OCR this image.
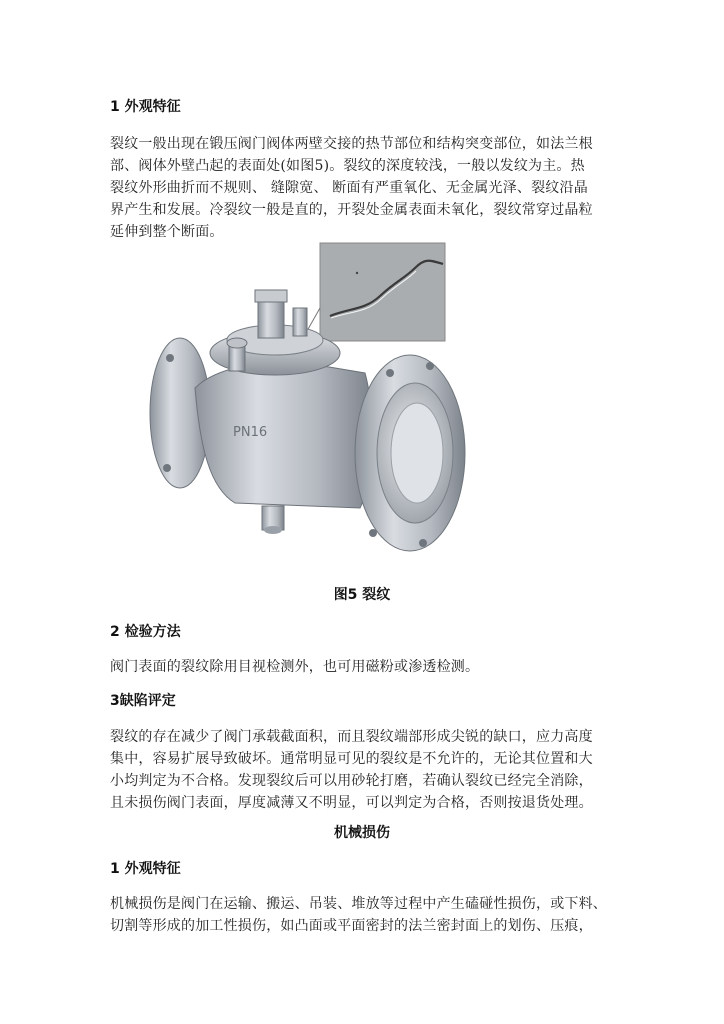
1 外观特征
裂纹一般出现在锻压阀门阀体两壁交接的热节部位和结构突变部位，如法兰根
部、阀体外壁凸起的表面处(如图5)。裂纹的深度较浅，一般以发纹为主。热
裂纹外形曲折而不规则、 缝隙宽、 断面有严重氧化、无金属光泽、裂纹沿晶
界产生和发展。冷裂纹一般是直的，开裂处金属表面未氧化，裂纹常穿过晶粒
延伸到整个断面。
PN16
图5 裂纹
2 检验方法
阀门表面的裂纹除用目视检测外，也可用磁粉或渗透检测。
3缺陷评定
裂纹的存在减少了阀门承载截面积，而且裂纹端部形成尖锐的缺口，应力高度
集中，容易扩展导致破坏。通常明显可见的裂纹是不允许的，无论其位置和大
小均判定为不合格。发现裂纹后可以用砂轮打磨，若确认裂纹已经完全消除，
且未损伤阀门表面，厚度减薄又不明显，可以判定为合格，否则按退货处理。
机械损伤
1 外观特征
机械损伤是阀门在运输、搬运、吊装、堆放等过程中产生磕碰性损伤，或下料、
切割等形成的加工性损伤，如凸面或平面密封的法兰密封面上的划伤、压痕，
